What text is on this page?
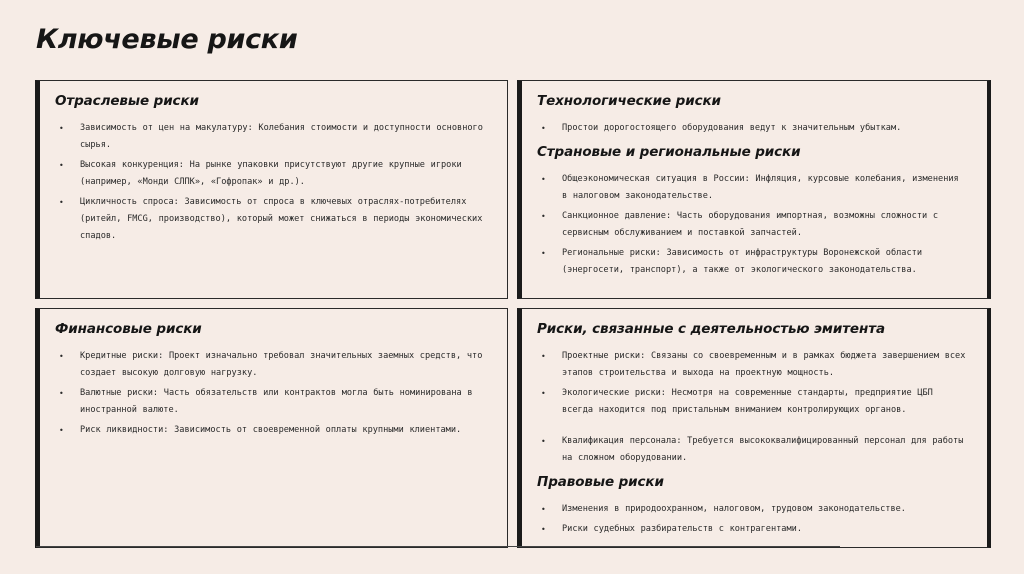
Ключевые риски
Отраслевые риски
• Зависимость от цен на макулатуру: Колебания стоимости и доступности основного сырья.
• Высокая конкуренция: На рынке упаковки присутствуют другие крупные игроки (например, «Монди СЛПК», «Гофропак» и др.).
• Цикличность спроса: Зависимость от спроса в ключевых отраслях-потребителях (ритейл, FMCG, производство), который может снижаться в периоды экономических спадов.
Технологические риски
• Простои дорогостоящего оборудования ведут к значительным убыткам.
Страновые и региональные риски
• Общеэкономическая ситуация в России: Инфляция, курсовые колебания, изменения в налоговом законодательстве.
• Санкционное давление: Часть оборудования импортная, возможны сложности с сервисным обслуживанием и поставкой запчастей.
• Региональные риски: Зависимость от инфраструктуры Воронежской области (энергосети, транспорт), а также от экологического законодательства.
Финансовые риски
• Кредитные риски: Проект изначально требовал значительных заемных средств, что создает высокую долговую нагрузку.
• Валютные риски: Часть обязательств или контрактов могла быть номинирована в иностранной валюте.
• Риск ликвидности: Зависимость от своевременной оплаты крупными клиентами.
Риски, связанные с деятельностью эмитента
• Проектные риски: Связаны со своевременным и в рамках бюджета завершением всех этапов строительства и выхода на проектную мощность.
• Экологические риски: Несмотря на современные стандарты, предприятие ЦБП всегда находится под пристальным вниманием контролирующих органов.
• Квалификация персонала: Требуется высококвалифицированный персонал для работы на сложном оборудовании.
Правовые риски
• Изменения в природоохранном, налоговом, трудовом законодательстве.
• Риски судебных разбирательств с контрагентами.
